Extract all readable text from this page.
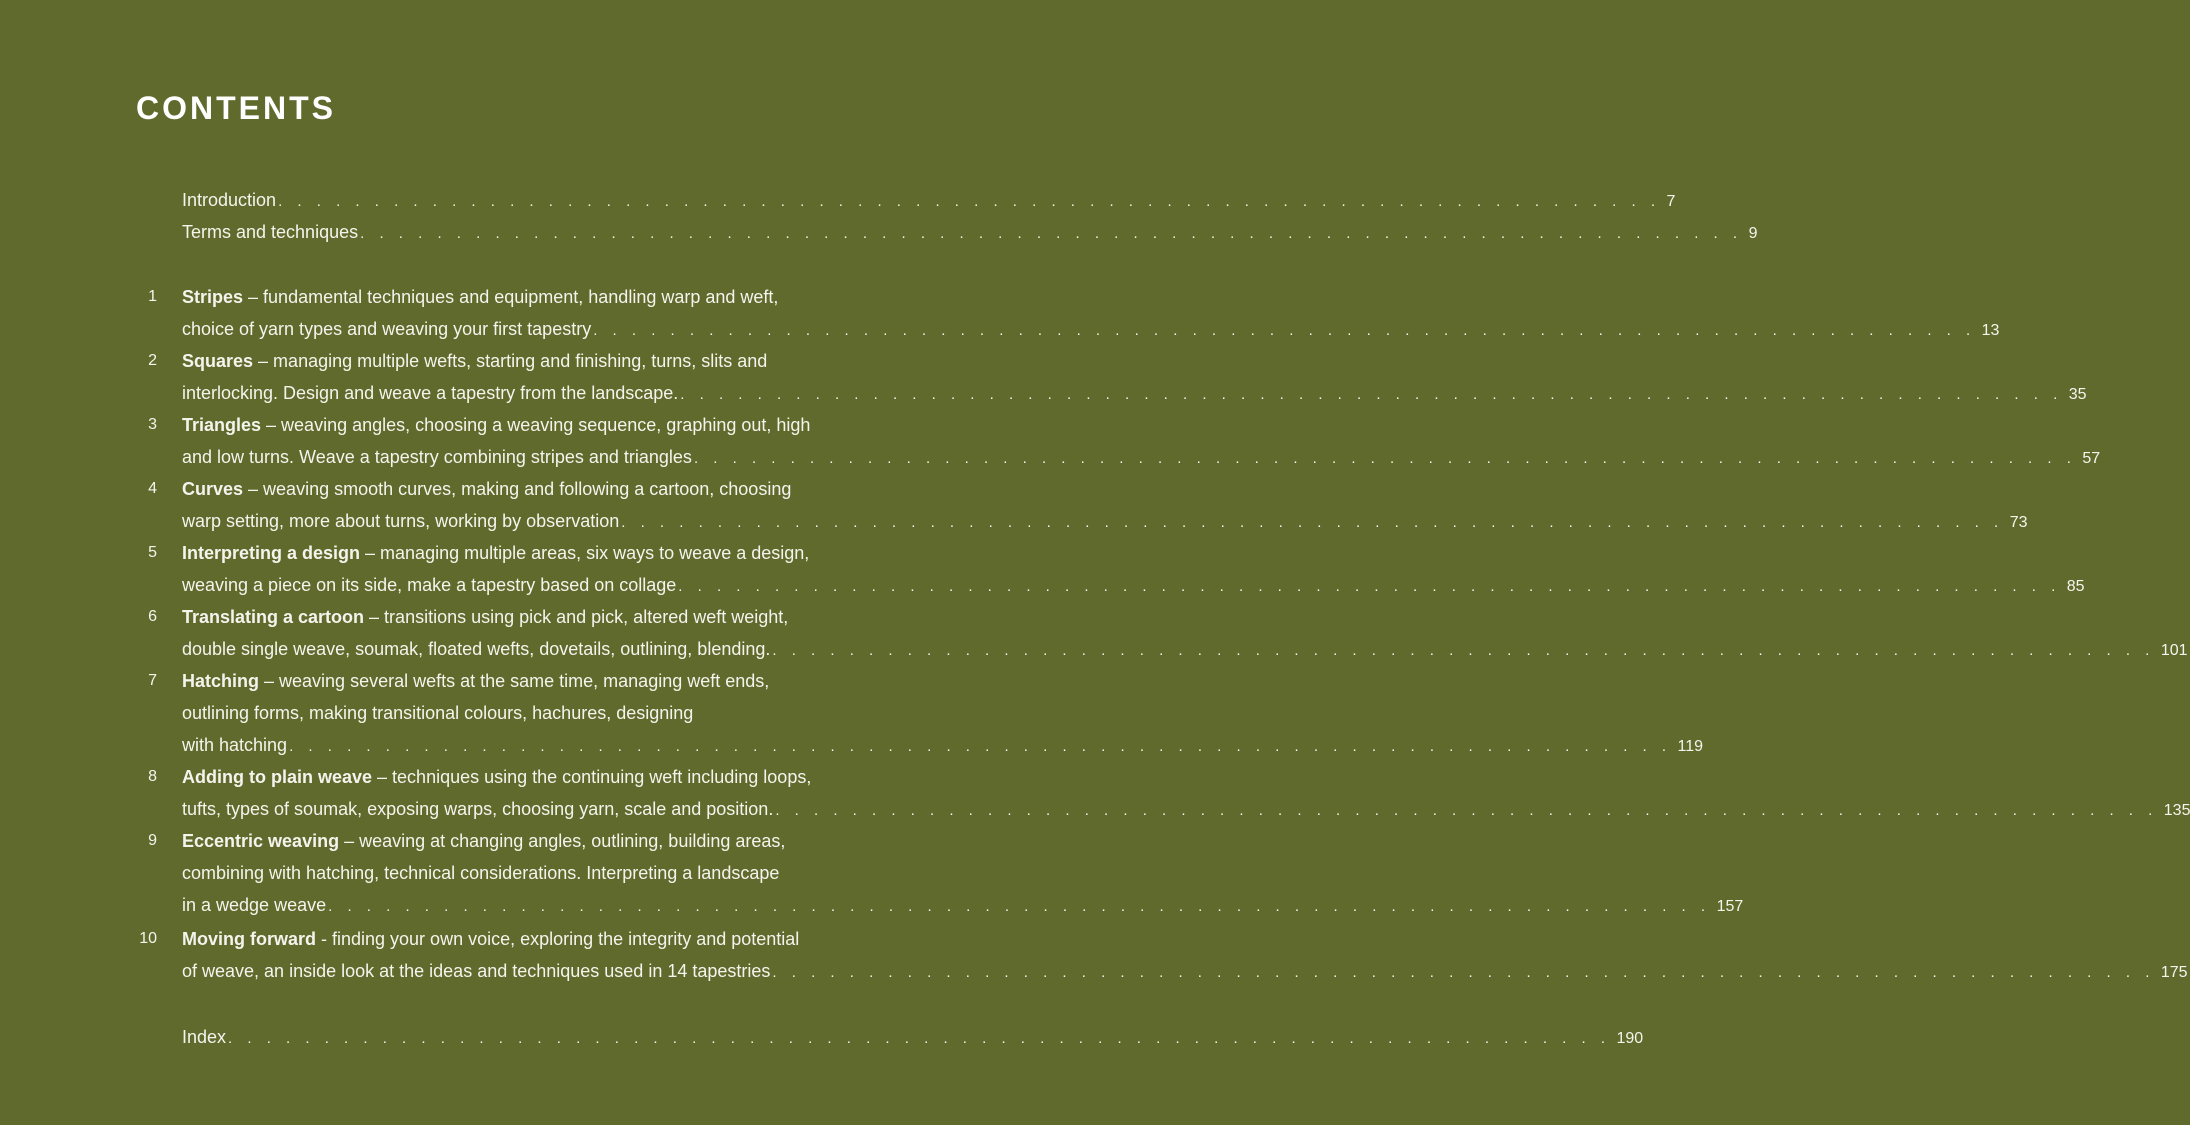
CONTENTS
Introduction . . . . . . . . . . . . . . . . . . . . . . . . . . . . . . . . . . . . . . . . . . . . . . . . . . . . . . . . . . . . . . . . . . . . . . . . 7
Terms and techniques . . . . . . . . . . . . . . . . . . . . . . . . . . . . . . . . . . . . . . . . . . . . . . . . . . . . . . . . . . . . . . . . . . . . . . . . 9
1 Stripes – fundamental techniques and equipment, handling warp and weft,
choice of yarn types and weaving your first tapestry . . . . . . . . . . . . . . . . . . . . . . . . . . . . . . . . . . . . . . . . . . . . . . . . . . . . . . . . . . . . . . . . . . . . . . . . 13
2 Squares – managing multiple wefts, starting and finishing, turns, slits and
interlocking. Design and weave a tapestry from the landscape. . . . . . . . . . . . . . . . . . . . . . . . . . . . . . . . . . . . . . . . . . . . . . . . . . . . . . . . . . . . . . . . . . . . . . . . . 35
3 Triangles – weaving angles, choosing a weaving sequence, graphing out, high
and low turns. Weave a tapestry combining stripes and triangles . . . . . . . . . . . . . . . . . . . . . . . . . . . . . . . . . . . . . . . . . . . . . . . . . . . . . . . . . . . . . . . . . . . . . . . . 57
4 Curves – weaving smooth curves, making and following a cartoon, choosing
warp setting, more about turns, working by observation . . . . . . . . . . . . . . . . . . . . . . . . . . . . . . . . . . . . . . . . . . . . . . . . . . . . . . . . . . . . . . . . . . . . . . . . 73
5 Interpreting a design – managing multiple areas, six ways to weave a design,
weaving a piece on its side, make a tapestry based on collage . . . . . . . . . . . . . . . . . . . . . . . . . . . . . . . . . . . . . . . . . . . . . . . . . . . . . . . . . . . . . . . . . . . . . . . . 85
6 Translating a cartoon – transitions using pick and pick, altered weft weight,
double single weave, soumak, floated wefts, dovetails, outlining, blending. . . . . . . . . . . . . . . . . . . . . . . . . . . . . . . . . . . . . . . . . . . . . . . . . . . . . . . . . . . . . . . . . . . . . . . . . 101
7 Hatching – weaving several wefts at the same time, managing weft ends,
outlining forms, making transitional colours, hachures, designing
with hatching . . . . . . . . . . . . . . . . . . . . . . . . . . . . . . . . . . . . . . . . . . . . . . . . . . . . . . . . . . . . . . . . . . . . . . . . 119
8 Adding to plain weave – techniques using the continuing weft including loops,
tufts, types of soumak, exposing warps, choosing yarn, scale and position. . . . . . . . . . . . . . . . . . . . . . . . . . . . . . . . . . . . . . . . . . . . . . . . . . . . . . . . . . . . . . . . . . . . . . . . . 135
9 Eccentric weaving – weaving at changing angles, outlining, building areas,
combining with hatching, technical considerations. Interpreting a landscape
in a wedge weave . . . . . . . . . . . . . . . . . . . . . . . . . . . . . . . . . . . . . . . . . . . . . . . . . . . . . . . . . . . . . . . . . . . . . . . . 157
10 Moving forward - finding your own voice, exploring the integrity and potential
of weave, an inside look at the ideas and techniques used in 14 tapestries . . . . . . . . . . . . . . . . . . . . . . . . . . . . . . . . . . . . . . . . . . . . . . . . . . . . . . . . . . . . . . . . . . . . . . . . 175
Index . . . . . . . . . . . . . . . . . . . . . . . . . . . . . . . . . . . . . . . . . . . . . . . . . . . . . . . . . . . . . . . . . . . . . . . . 190
